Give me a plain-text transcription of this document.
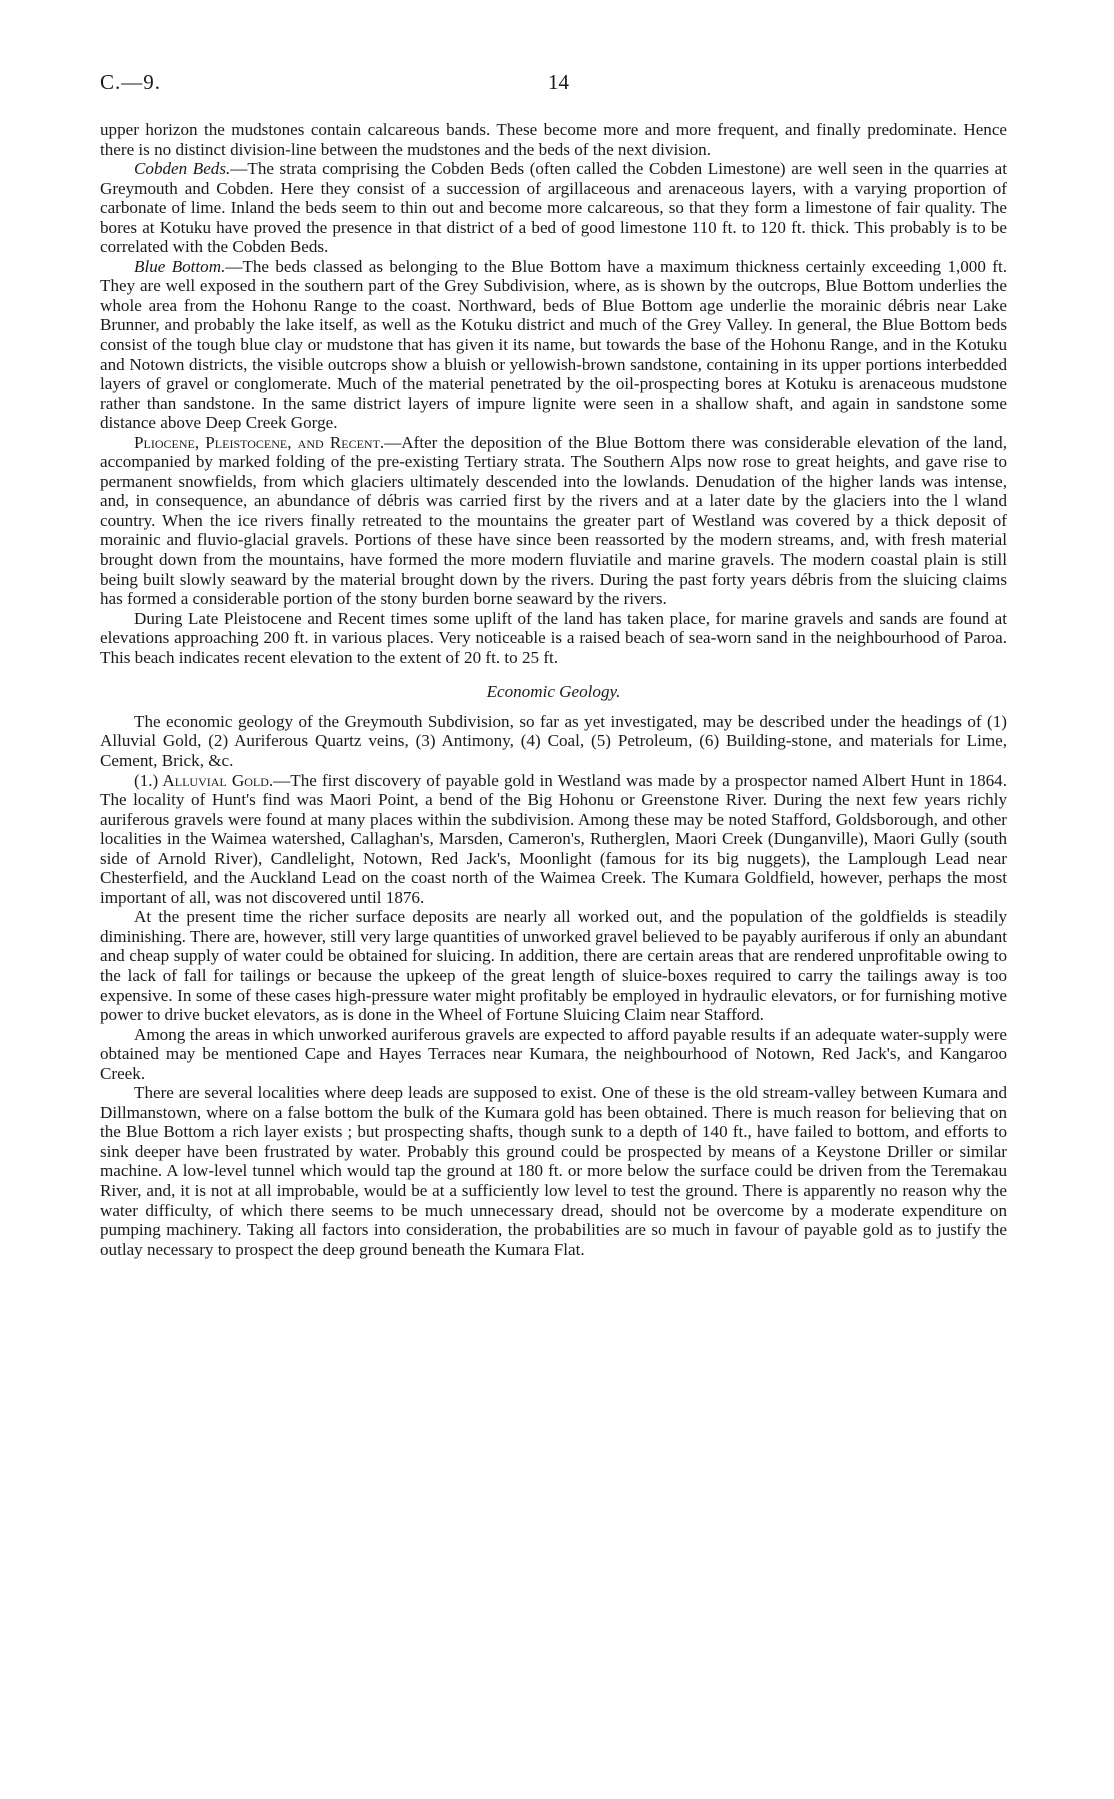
C.—9.	14

upper horizon the mudstones contain calcareous bands. These become more and more frequent, and finally predominate. Hence there is no distinct division-line between the mudstones and the beds of the next division.

Cobden Beds.—The strata comprising the Cobden Beds (often called the Cobden Limestone) are well seen in the quarries at Greymouth and Cobden. Here they consist of a succession of argillaceous and arenaceous layers, with a varying proportion of carbonate of lime. Inland the beds seem to thin out and become more calcareous, so that they form a limestone of fair quality. The bores at Kotuku have proved the presence in that district of a bed of good limestone 110 ft. to 120 ft. thick. This probably is to be correlated with the Cobden Beds.

Blue Bottom.—The beds classed as belonging to the Blue Bottom have a maximum thickness certainly exceeding 1,000 ft. They are well exposed in the southern part of the Grey Subdivision, where, as is shown by the outcrops, Blue Bottom underlies the whole area from the Hohonu Range to the coast. Northward, beds of Blue Bottom age underlie the morainic débris near Lake Brunner, and probably the lake itself, as well as the Kotuku district and much of the Grey Valley. In general, the Blue Bottom beds consist of the tough blue clay or mudstone that has given it its name, but towards the base of the Hohonu Range, and in the Kotuku and Notown districts, the visible outcrops show a bluish or yellowish-brown sandstone, containing in its upper portions interbedded layers of gravel or conglomerate. Much of the material penetrated by the oil-prospecting bores at Kotuku is arenaceous mudstone rather than sandstone. In the same district layers of impure lignite were seen in a shallow shaft, and again in sandstone some distance above Deep Creek Gorge.

Pliocene, Pleistocene, and Recent.—After the deposition of the Blue Bottom there was considerable elevation of the land, accompanied by marked folding of the pre-existing Tertiary strata. The Southern Alps now rose to great heights, and gave rise to permanent snowfields, from which glaciers ultimately descended into the lowlands. Denudation of the higher lands was intense, and, in consequence, an abundance of débris was carried first by the rivers and at a later date by the glaciers into the l wland country. When the ice rivers finally retreated to the mountains the greater part of Westland was covered by a thick deposit of morainic and fluvio-glacial gravels. Portions of these have since been reassorted by the modern streams, and, with fresh material brought down from the mountains, have formed the more modern fluviatile and marine gravels. The modern coastal plain is still being built slowly seaward by the material brought down by the rivers. During the past forty years débris from the sluicing claims has formed a considerable portion of the stony burden borne seaward by the rivers.

During Late Pleistocene and Recent times some uplift of the land has taken place, for marine gravels and sands are found at elevations approaching 200 ft. in various places. Very noticeable is a raised beach of sea-worn sand in the neighbourhood of Paroa. This beach indicates recent elevation to the extent of 20 ft. to 25 ft.

Economic Geology.

The economic geology of the Greymouth Subdivision, so far as yet investigated, may be described under the headings of (1) Alluvial Gold, (2) Auriferous Quartz veins, (3) Antimony, (4) Coal, (5) Petroleum, (6) Building-stone, and materials for Lime, Cement, Brick, &c.

(1.) Alluvial Gold.—The first discovery of payable gold in Westland was made by a prospector named Albert Hunt in 1864. The locality of Hunt's find was Maori Point, a bend of the Big Hohonu or Greenstone River. During the next few years richly auriferous gravels were found at many places within the subdivision. Among these may be noted Stafford, Goldsborough, and other localities in the Waimea watershed, Callaghan's, Marsden, Cameron's, Rutherglen, Maori Creek (Dunganville), Maori Gully (south side of Arnold River), Candlelight, Notown, Red Jack's, Moonlight (famous for its big nuggets), the Lamplough Lead near Chesterfield, and the Auckland Lead on the coast north of the Waimea Creek. The Kumara Goldfield, however, perhaps the most important of all, was not discovered until 1876.

At the present time the richer surface deposits are nearly all worked out, and the population of the goldfields is steadily diminishing. There are, however, still very large quantities of unworked gravel believed to be payably auriferous if only an abundant and cheap supply of water could be obtained for sluicing. In addition, there are certain areas that are rendered unprofitable owing to the lack of fall for tailings or because the upkeep of the great length of sluice-boxes required to carry the tailings away is too expensive. In some of these cases high-pressure water might profitably be employed in hydraulic elevators, or for furnishing motive power to drive bucket elevators, as is done in the Wheel of Fortune Sluicing Claim near Stafford.

Among the areas in which unworked auriferous gravels are expected to afford payable results if an adequate water-supply were obtained may be mentioned Cape and Hayes Terraces near Kumara, the neighbourhood of Notown, Red Jack's, and Kangaroo Creek.

There are several localities where deep leads are supposed to exist. One of these is the old stream-valley between Kumara and Dillmanstown, where on a false bottom the bulk of the Kumara gold has been obtained. There is much reason for believing that on the Blue Bottom a rich layer exists ; but prospecting shafts, though sunk to a depth of 140 ft., have failed to bottom, and efforts to sink deeper have been frustrated by water. Probably this ground could be prospected by means of a Keystone Driller or similar machine. A low-level tunnel which would tap the ground at 180 ft. or more below the surface could be driven from the Teremakau River, and, it is not at all improbable, would be at a sufficiently low level to test the ground. There is apparently no reason why the water difficulty, of which there seems to be much unnecessary dread, should not be overcome by a moderate expenditure on pumping machinery. Taking all factors into consideration, the probabilities are so much in favour of payable gold as to justify the outlay necessary to prospect the deep ground beneath the Kumara Flat.
